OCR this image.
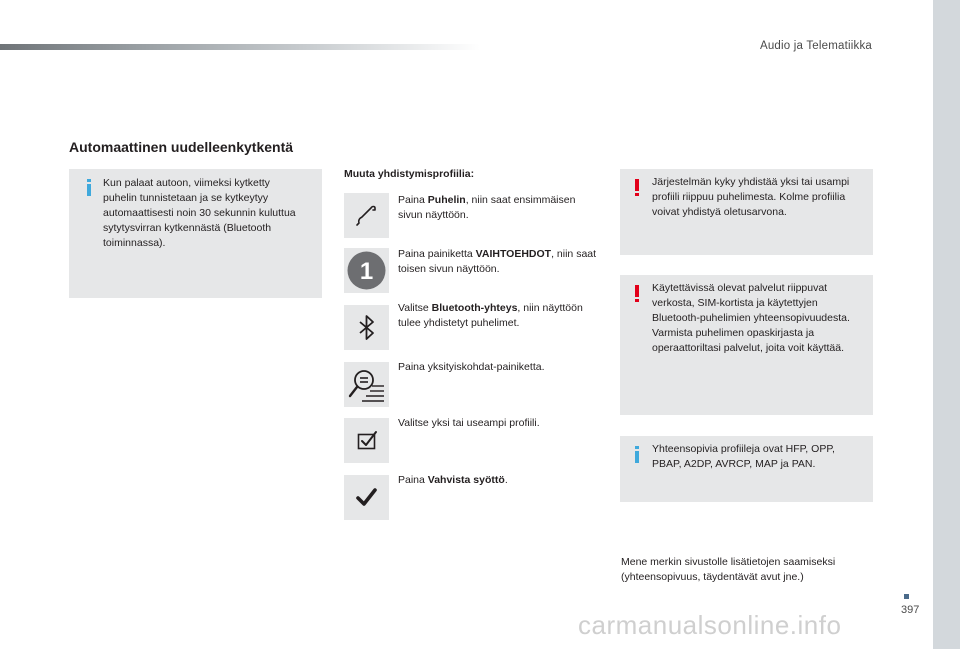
Audio ja Telematiikka
Automaattinen uudelleenkytkentä
Kun palaat autoon, viimeksi kytketty puhelin tunnistetaan ja se kytkeytyy automaattisesti noin 30 sekunnin kuluttua sytytysvirran kytkennästä (Bluetooth toiminnassa).
Muuta yhdistymisprofiilia:
Paina Puhelin, niin saat ensimmäisen sivun näyttöön.
1
Paina painiketta VAIHTOEHDOT, niin saat toisen sivun näyttöön.
Valitse Bluetooth-yhteys, niin näyttöön tulee yhdistetyt puhelimet.
Paina yksityiskohdat-painiketta.
Valitse yksi tai useampi profiili.
Paina Vahvista syöttö.
Järjestelmän kyky yhdistää yksi tai usampi profiili riippuu puhelimesta. Kolme profiilia voivat yhdistyä oletusarvona.
Käytettävissä olevat palvelut riippuvat verkosta, SIM-kortista ja käytettyjen Bluetooth-puhelimien yhteensopivuudesta. Varmista puhelimen opaskirjasta ja operaattoriltasi palvelut, joita voit käyttää.
Yhteensopivia profiileja ovat HFP, OPP, PBAP, A2DP, AVRCP, MAP ja PAN.
Mene merkin sivustolle lisätietojen saamiseksi (yhteensopivuus, täydentävät avut jne.)
397
carmanualsonline.info
